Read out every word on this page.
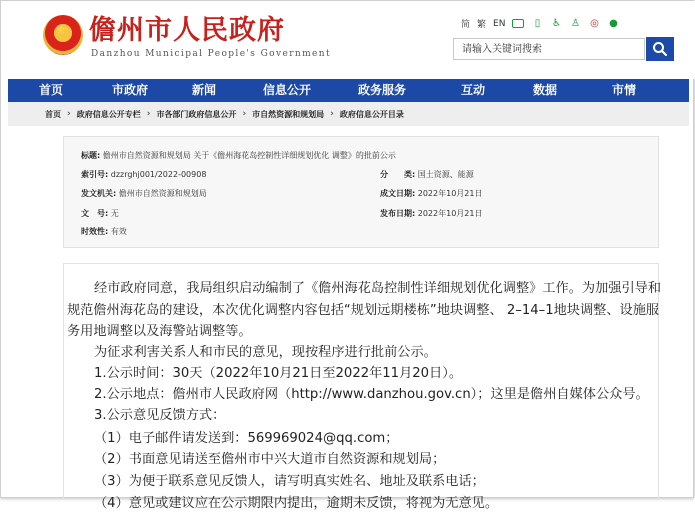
★ 儋州市人民政府
Danzhou Municipal People's Government
简 繁 EN	▯	♿ ♙ ◎ ●
请输入关键词搜索
首页	市政府	新闻	信息公开	政务服务	互动	数据	市情
首页 › 政府信息公开专栏 › 市各部门政府信息公开 › 市自然资源和规划局 › 政府信息公开目录
标题: 儋州市自然资源和规划局 关于《儋州海花岛控制性详细规划优化 调整》的批前公示
索引号: dzzrghj001/2022-00908	分　　类: 国土资源、能源
发文机关: 儋州市自然资源和规划局	成文日期: 2022年10月21日
文　号: 无	发布日期: 2022年10月21日
时效性: 有效

经市政府同意，我局组织启动编制了《儋州海花岛控制性详细规划优化调整》工作。为加强引导和

规范儋州海花岛的建设，本次优化调整内容包括“规划远期楼栋”地块调整、 2–14–1地块调整、设施服

务用地调整以及海警站调整等。

为征求利害关系人和市民的意见，现按程序进行批前公示。

1.公示时间：30天（2022年10月21日至2022年11月20日）。

2.公示地点：儋州市人民政府网（http://www.danzhou.gov.cn）；这里是儋州自媒体公众号。

3.公示意见反馈方式：

（1）电子邮件请发送到：569969024@qq.com；

（2）书面意见请送至儋州市中兴大道市自然资源和规划局；

（3）为便于联系意见反馈人，请写明真实姓名、地址及联系电话；

（4）意见或建议应在公示期限内提出，逾期未反馈，将视为无意见。
